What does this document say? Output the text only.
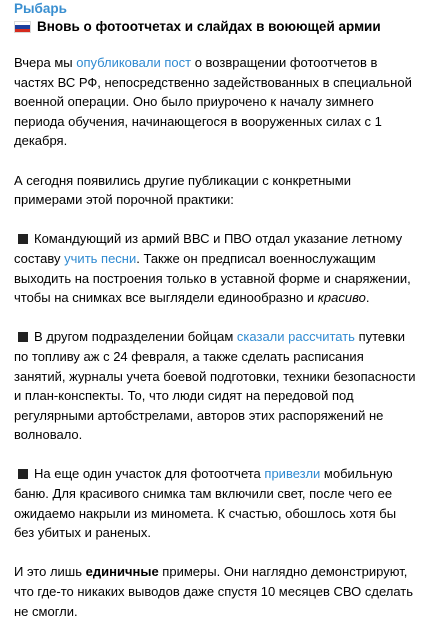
Рыбарь
Вновь о фотоотчетах и слайдах в воюющей армии

Вчера мы опубликовали пост о возвращении фотоотчетов в частях ВС РФ, непосредственно задействованных в специальной военной операции. Оно было приурочено к началу зимнего периода обучения, начинающегося в вооруженных силах с 1 декабря.

А сегодня появились другие публикации с конкретными примерами этой порочной практики:

Командующий из армий ВВС и ПВО отдал указание летному составу учить песни. Также он предписал военнослужащим выходить на построения только в уставной форме и снаряжении, чтобы на снимках все выглядели единообразно и красиво.

В другом подразделении бойцам сказали рассчитать путевки по топливу аж с 24 февраля, а также сделать расписания занятий, журналы учета боевой подготовки, техники безопасности и план-конспекты. То, что люди сидят на передовой под регулярными артобстрелами, авторов этих распоряжений не волновало.

На еще один участок для фотоотчета привезли мобильную баню. Для красивого снимка там включили свет, после чего ее ожидаемо накрыли из миномета. К счастью, обошлось хотя бы без убитых и раненых.

И это лишь единичные примеры. Они наглядно демонстрируют, что где-то никаких выводов даже спустя 10 месяцев СВО сделать не смогли.
